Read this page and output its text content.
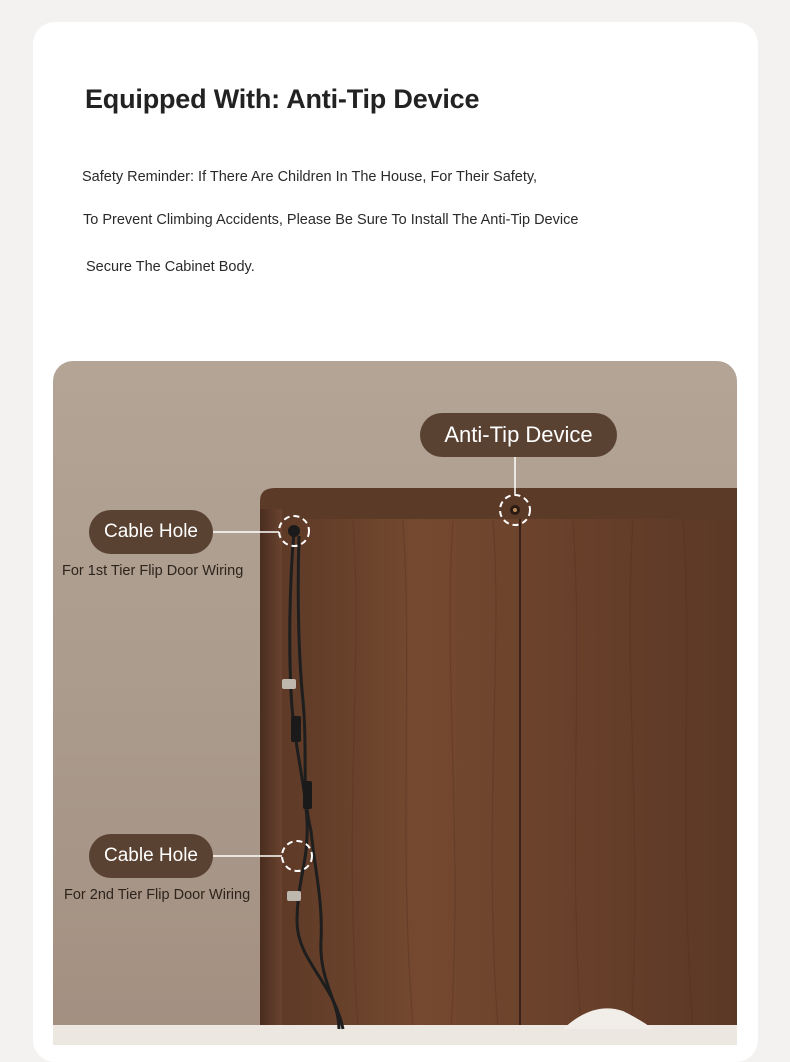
Equipped With: Anti-Tip Device

Safety Reminder: If There Are Children In The House, For Their Safety,

To Prevent Climbing Accidents, Please Be Sure To Install The Anti-Tip Device

Secure The Cabinet Body.

Anti-Tip Device
Cable Hole
For 1st Tier Flip Door Wiring
Cable Hole
For 2nd Tier Flip Door Wiring
